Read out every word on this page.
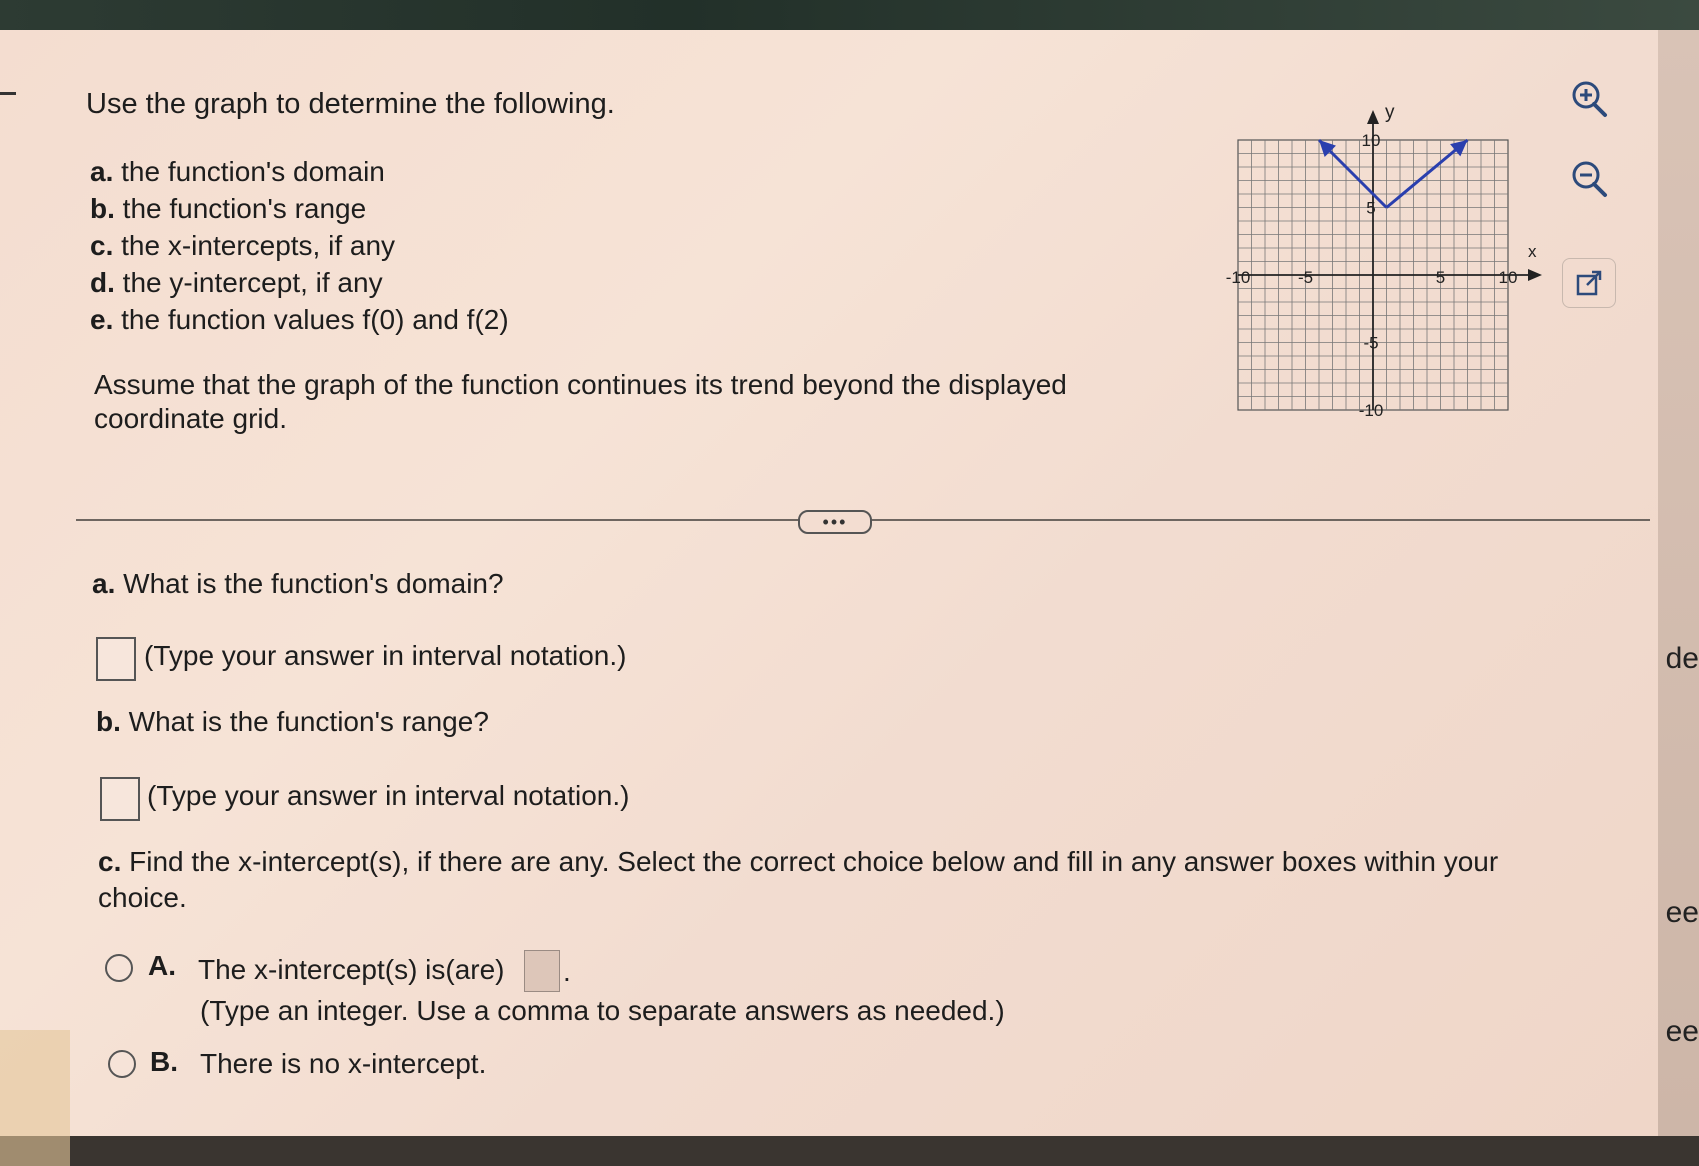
Use the graph to determine the following.
a. the function's domain
b. the function's range
c. the x-intercepts, if any
d. the y-intercept, if any
e. the function values f(0) and f(2)
Assume that the graph of the function continues its trend beyond the displayed coordinate grid.
-10	-5	5	10
10
5
-5
-10
x
y
•••
a. What is the function's domain?
(Type your answer in interval notation.)
b. What is the function's range?
(Type your answer in interval notation.)
c. Find the x-intercept(s), if there are any. Select the correct choice below and fill in any answer boxes within your choice.
A. The x-intercept(s) is(are) .
(Type an integer. Use a comma to separate answers as needed.)
B. There is no x-intercept.
de
ee
ee
